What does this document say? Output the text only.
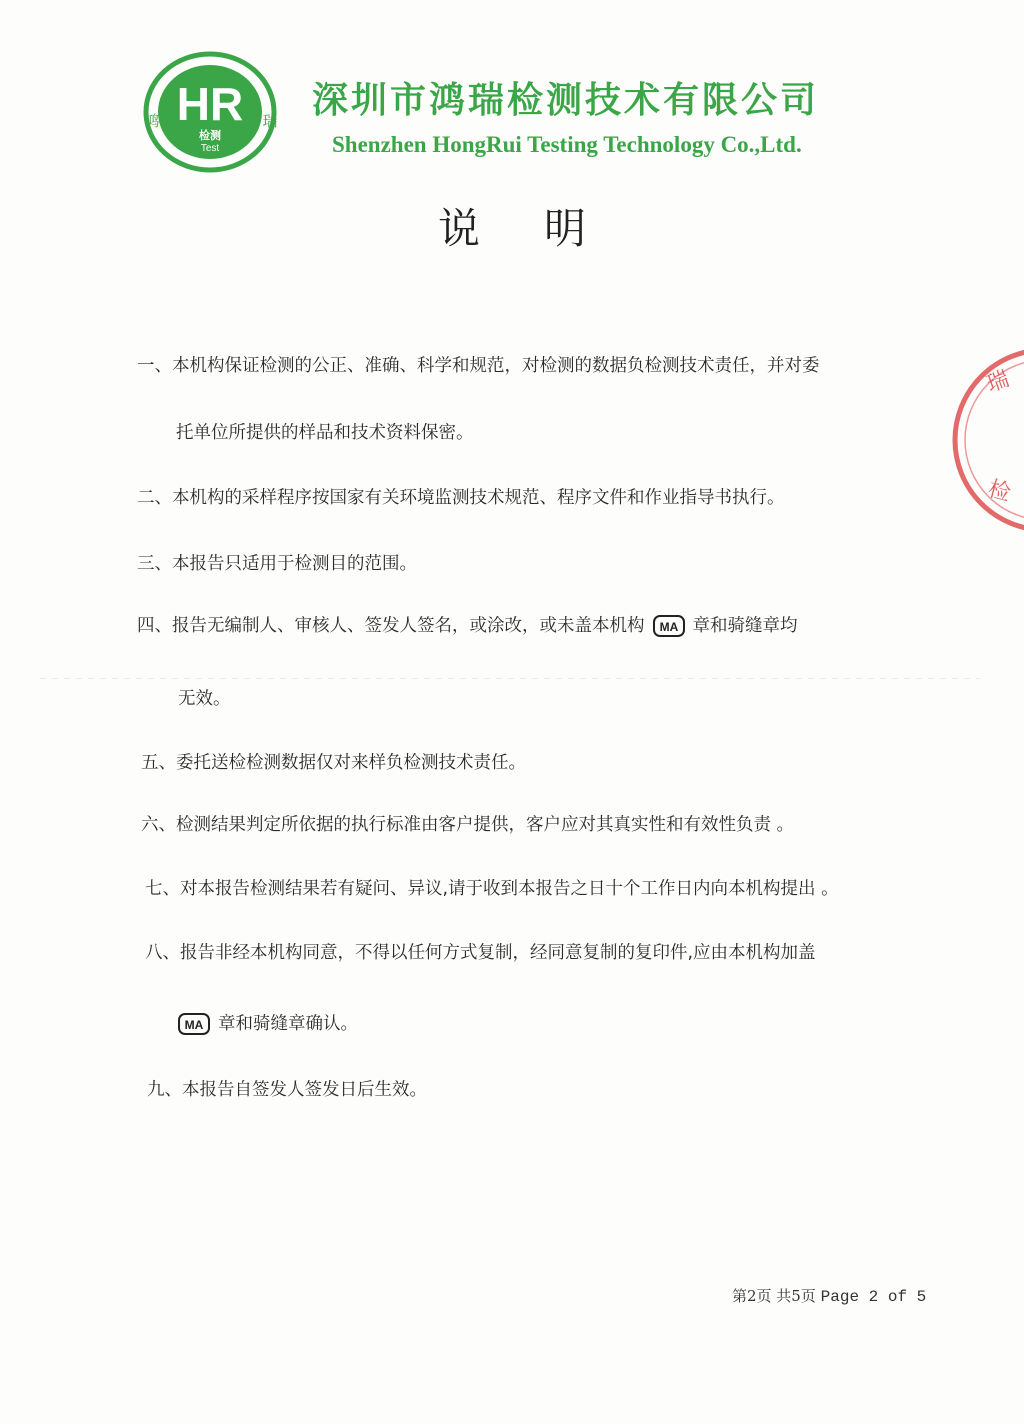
HR
鸿	瑞
检测
Test
深圳市鸿瑞检测技术有限公司
Shenzhen HongRui Testing Technology Co.,Ltd.
说明
一、本机构保证检测的公正、准确、科学和规范，对检测的数据负检测技术责任，并对委
托单位所提供的样品和技术资料保密。
二、本机构的采样程序按国家有关环境监测技术规范、程序文件和作业指导书执行。
三、本报告只适用于检测目的范围。
四、报告无编制人、审核人、签发人签名，或涂改，或未盖本机构 MA 章和骑缝章均
无效。
五、委托送检检测数据仅对来样负检测技术责任。
六、检测结果判定所依据的执行标准由客户提供，客户应对其真实性和有效性负责 。
七、对本报告检测结果若有疑问、异议,请于收到本报告之日十个工作日内向本机构提出 。
八、报告非经本机构同意，不得以任何方式复制，经同意复制的复印件,应由本机构加盖
MA 章和骑缝章确认。
九、本报告自签发人签发日后生效。
第2页 共5页 Page 2 of 5
瑞
检
